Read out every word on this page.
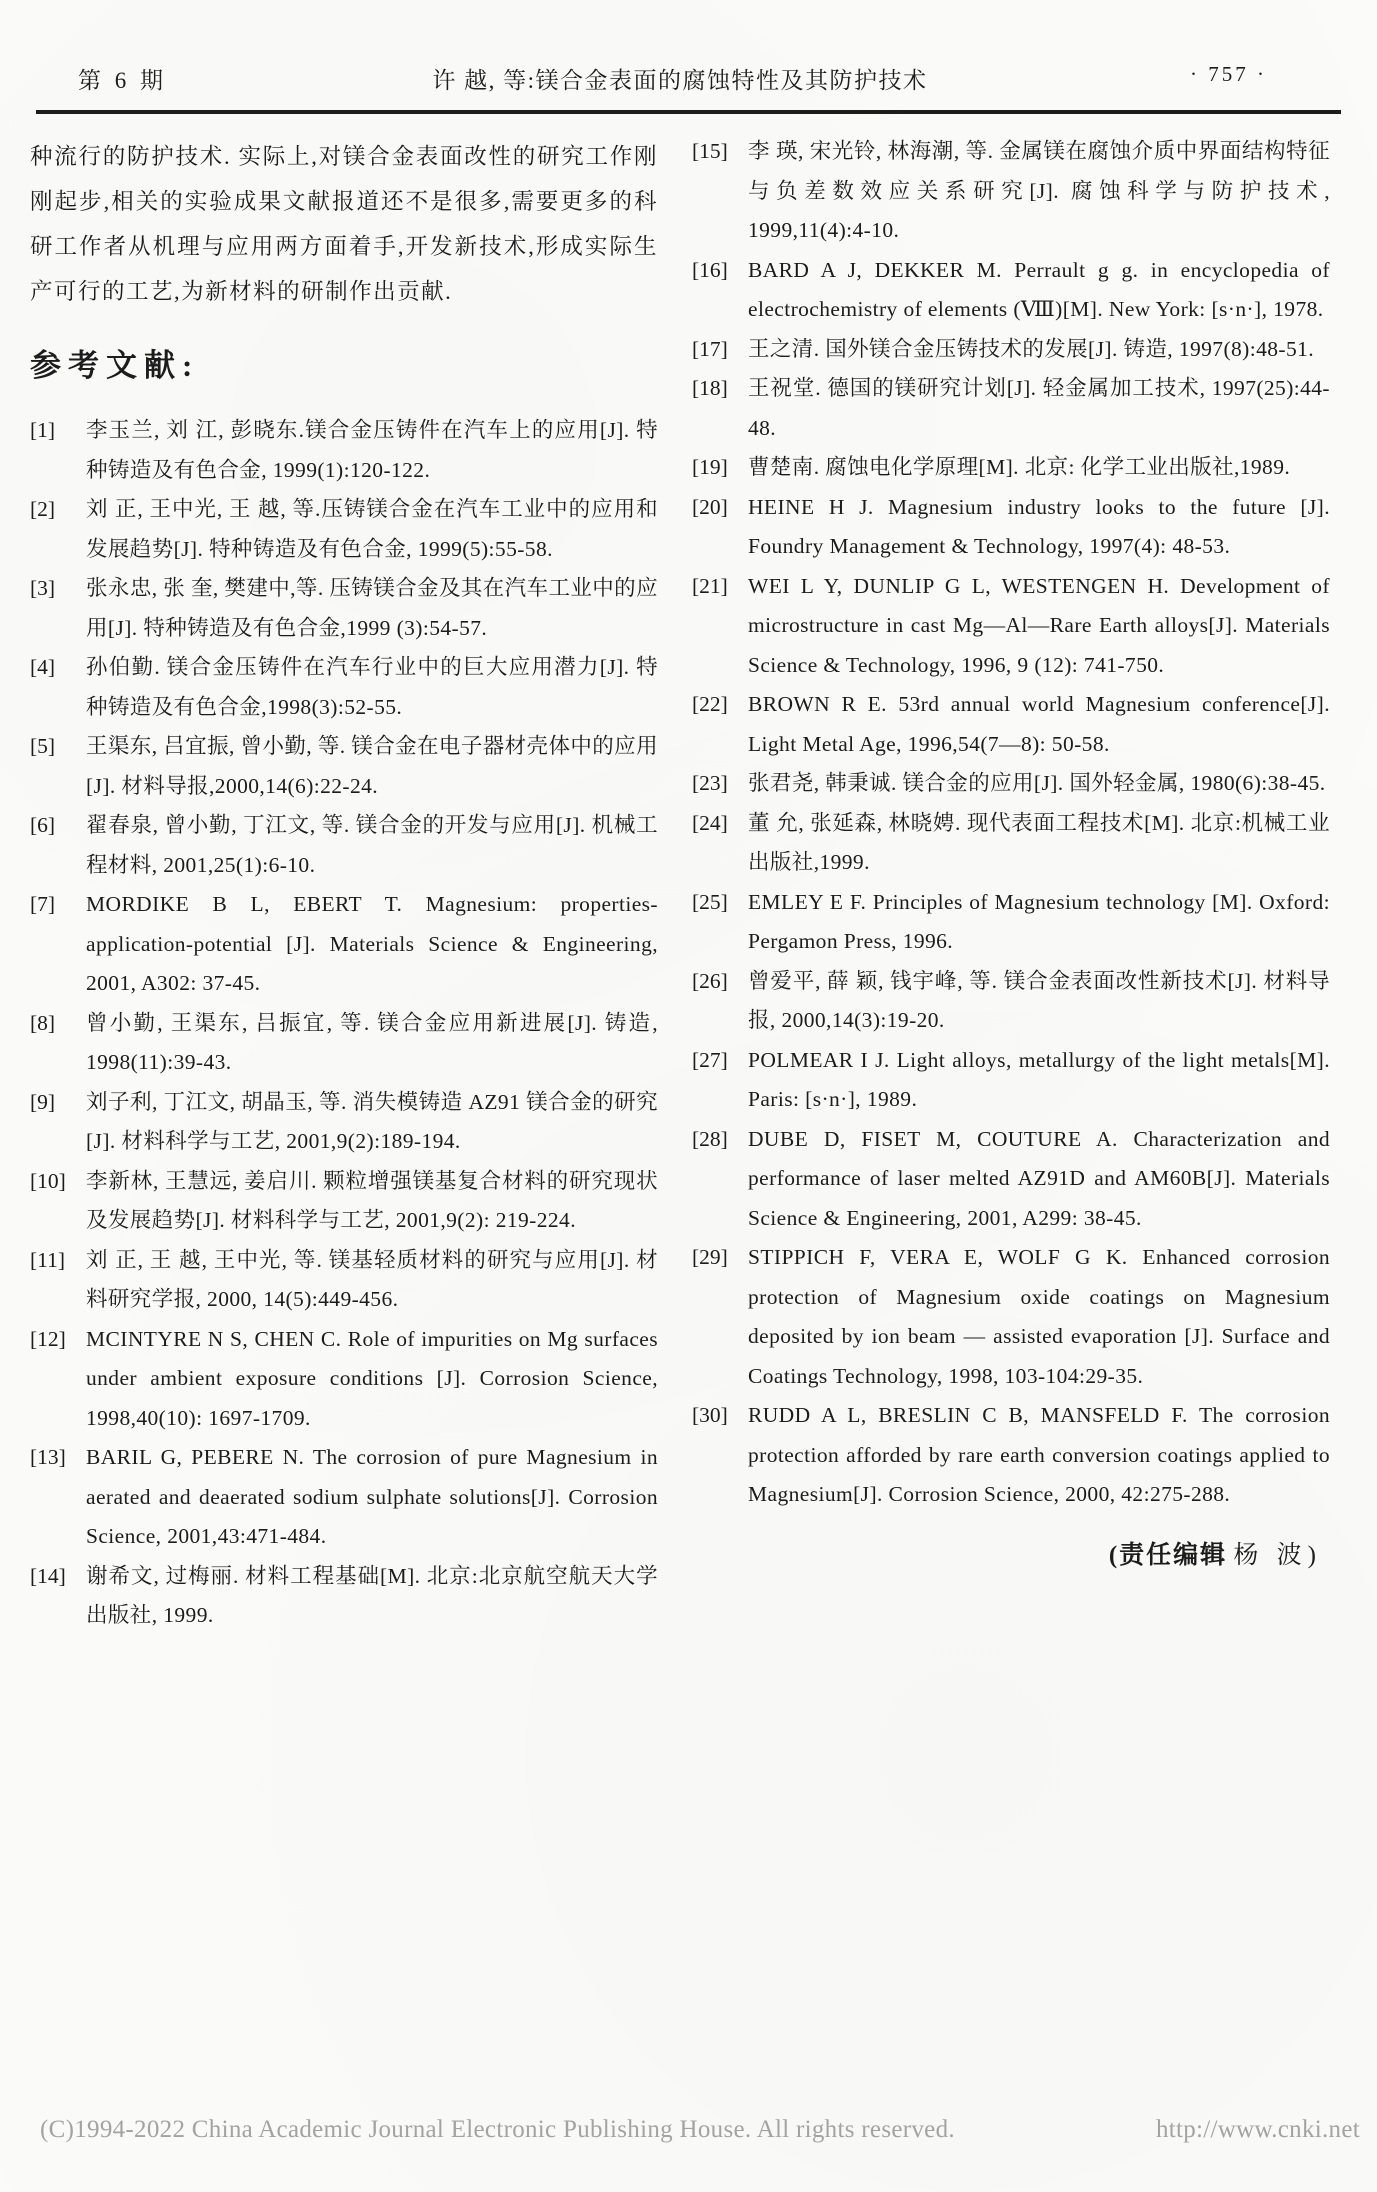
第 6 期	许 越, 等:镁合金表面的腐蚀特性及其防护技术	· 757 ·

种流行的防护技术. 实际上,对镁合金表面改性的研究工作刚刚起步,相关的实验成果文献报道还不是很多,需要更多的科研工作者从机理与应用两方面着手,开发新技术,形成实际生产可行的工艺,为新材料的研制作出贡献.

参考文献:
[1]	李玉兰, 刘 江, 彭晓东.镁合金压铸件在汽车上的应用[J]. 特种铸造及有色合金, 1999(1):120-122.
[2]	刘 正, 王中光, 王 越, 等.压铸镁合金在汽车工业中的应用和发展趋势[J]. 特种铸造及有色合金, 1999(5):55-58.
[3]	张永忠, 张 奎, 樊建中,等. 压铸镁合金及其在汽车工业中的应用[J]. 特种铸造及有色合金,1999 (3):54-57.
[4]	孙伯勤. 镁合金压铸件在汽车行业中的巨大应用潜力[J]. 特种铸造及有色合金,1998(3):52-55.
[5]	王渠东, 吕宜振, 曾小勤, 等. 镁合金在电子器材壳体中的应用[J]. 材料导报,2000,14(6):22-24.
[6]	翟春泉, 曾小勤, 丁江文, 等. 镁合金的开发与应用[J]. 机械工程材料, 2001,25(1):6-10.
[7]	MORDIKE B L, EBERT T. Magnesium: properties-application-potential [J]. Materials Science & Engineering, 2001, A302: 37-45.
[8]	曾小勤, 王渠东, 吕振宜, 等. 镁合金应用新进展[J]. 铸造, 1998(11):39-43.
[9]	刘子利, 丁江文, 胡晶玉, 等. 消失模铸造 AZ91 镁合金的研究[J]. 材料科学与工艺, 2001,9(2):189-194.
[10] 李新林, 王慧远, 姜启川. 颗粒增强镁基复合材料的研究现状及发展趋势[J]. 材料科学与工艺, 2001,9(2): 219-224.
[11] 刘 正, 王 越, 王中光, 等. 镁基轻质材料的研究与应用[J]. 材料研究学报, 2000, 14(5):449-456.
[12] MCINTYRE N S, CHEN C. Role of impurities on Mg surfaces under ambient exposure conditions [J]. Corrosion Science, 1998,40(10): 1697-1709.
[13] BARIL G, PEBERE N. The corrosion of pure Magnesium in aerated and deaerated sodium sulphate solutions[J]. Corrosion Science, 2001,43:471-484.
[14] 谢希文, 过梅丽. 材料工程基础[M]. 北京:北京航空航天大学出版社, 1999.
[15] 李 瑛, 宋光铃, 林海潮, 等. 金属镁在腐蚀介质中界面结构特征与负差数效应关系研究[J]. 腐蚀科学与防护技术, 1999,11(4):4-10.
[16] BARD A J, DEKKER M. Perrault g g. in encyclopedia of electrochemistry of elements (Ⅷ)[M]. New York: [s·n·], 1978.
[17] 王之清. 国外镁合金压铸技术的发展[J]. 铸造, 1997(8):48-51.
[18] 王祝堂. 德国的镁研究计划[J]. 轻金属加工技术, 1997(25):44-48.
[19] 曹楚南. 腐蚀电化学原理[M]. 北京: 化学工业出版社,1989.
[20] HEINE H J. Magnesium industry looks to the future [J]. Foundry Management & Technology, 1997(4): 48-53.
[21] WEI L Y, DUNLIP G L, WESTENGEN H. Development of microstructure in cast Mg—Al—Rare Earth alloys[J]. Materials Science & Technology, 1996, 9 (12): 741-750.
[22] BROWN R E. 53rd annual world Magnesium conference[J]. Light Metal Age, 1996,54(7—8): 50-58.
[23] 张君尧, 韩秉诚. 镁合金的应用[J]. 国外轻金属, 1980(6):38-45.
[24] 董 允, 张延森, 林晓娉. 现代表面工程技术[M]. 北京:机械工业出版社,1999.
[25] EMLEY E F. Principles of Magnesium technology [M]. Oxford: Pergamon Press, 1996.
[26] 曾爱平, 薛 颖, 钱宇峰, 等. 镁合金表面改性新技术[J]. 材料导报, 2000,14(3):19-20.
[27] POLMEAR I J. Light alloys, metallurgy of the light metals[M]. Paris: [s·n·], 1989.
[28] DUBE D, FISET M, COUTURE A. Characterization and performance of laser melted AZ91D and AM60B[J]. Materials Science & Engineering, 2001, A299: 38-45.
[29] STIPPICH F, VERA E, WOLF G K. Enhanced corrosion protection of Magnesium oxide coatings on Magnesium deposited by ion beam — assisted evaporation [J]. Surface and Coatings Technology, 1998, 103-104:29-35.
[30] RUDD A L, BRESLIN C B, MANSFELD F. The corrosion protection afforded by rare earth conversion coatings applied to Magnesium[J]. Corrosion Science, 2000, 42:275-288.
(责任编辑 杨 波)
(C)1994-2022 China Academic Journal Electronic Publishing House. All rights reserved.	http://www.cnki.net
